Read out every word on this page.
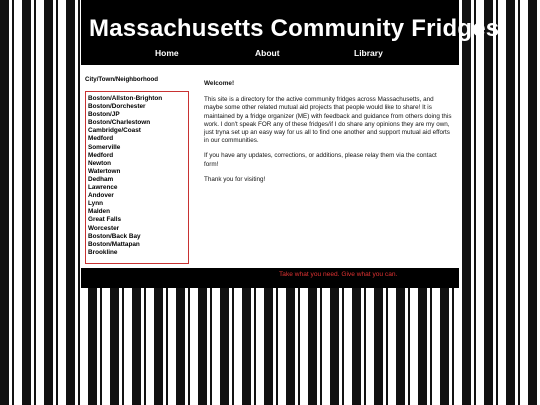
Massachusetts Community Fridges
Home	About	Library
City/Town/Neighborhood
Boston/Allston-Brighton
Boston/Dorchester
Boston/JP
Boston/Charlestown
Cambridge/Coast
Medford
Somerville
Medford
Newton
Watertown
Dedham
Lawrence
Andover
Lynn
Malden
Great Falls
Worcester
Boston/Back Bay
Boston/Mattapan
Brookline
Welcome!

This site is a directory for the active community fridges across Massachusetts, and maybe some other related mutual aid projects that people would like to share! It is maintained by a fridge organizer (ME) with feedback and guidance from others doing this work. I don't speak FOR any of these fridges/if I do share any opinions they are my own, just tryna set up an easy way for us all to find one another and support mutual aid efforts in our communities.

If you have any updates, corrections, or additions, please relay them via the contact form!

Thank you for visiting!

Take what you need. Give what you can.
